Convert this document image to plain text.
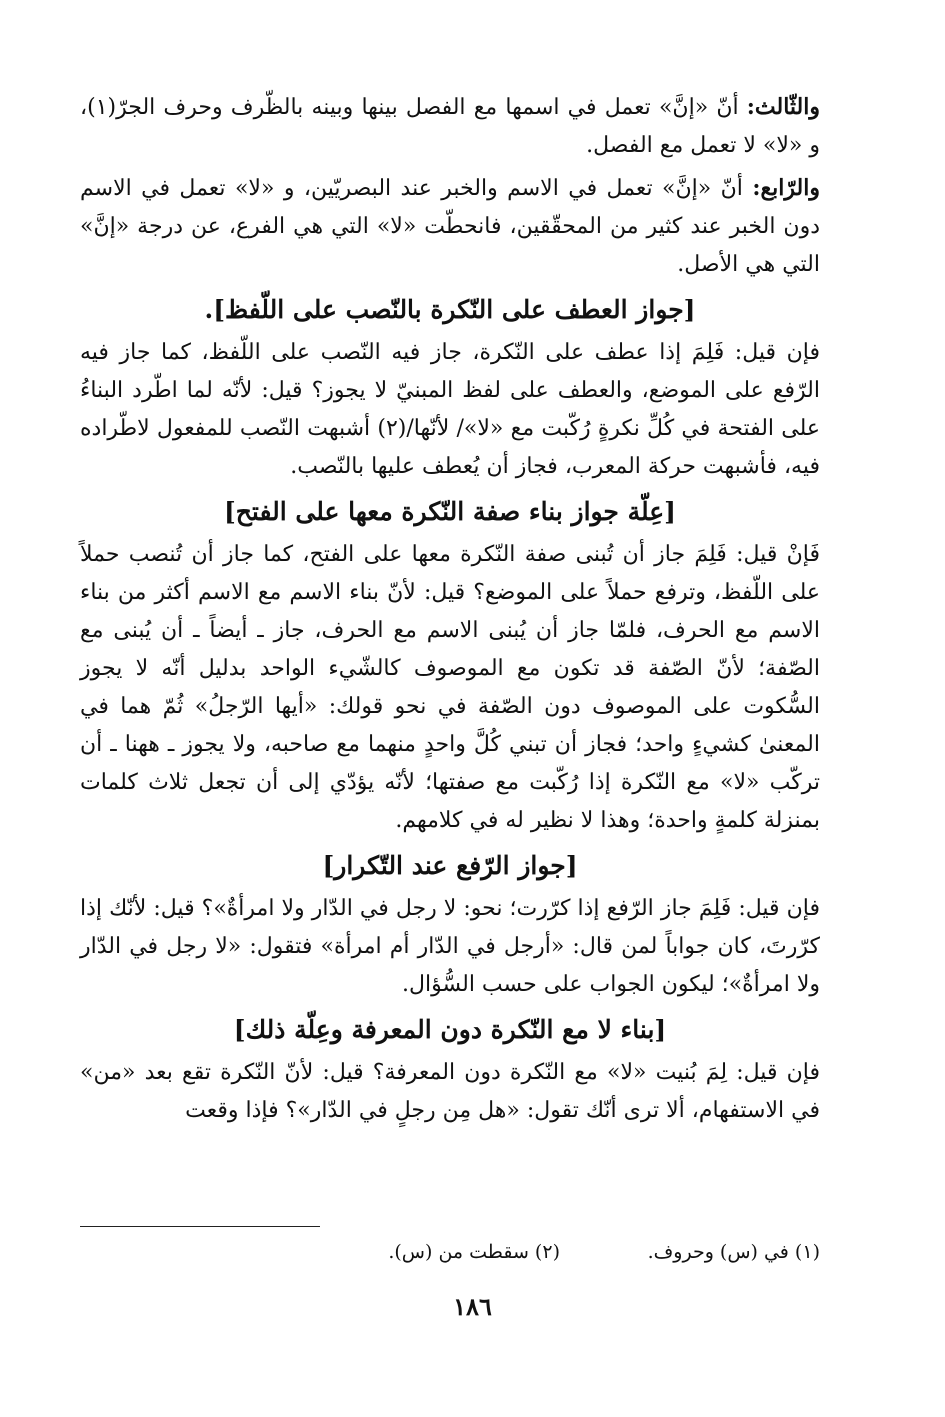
والثّالث: أنّ «إنَّ» تعمل في اسمها مع الفصل بينها وبينه بالظّرف وحرف الجرّ(١)، و «لا» لا تعمل مع الفصل.

والرّابع: أنّ «إنَّ» تعمل في الاسم والخبر عند البصريّين، و «لا» تعمل في الاسم دون الخبر عند كثير من المحقّقين، فانحطّت «لا» التي هي الفرع، عن درجة «إنَّ» التي هي الأصل.

[جواز العطف على النّكرة بالنّصب على اللّفظ].

فإن قيل: فَلِمَ إذا عطف على النّكرة، جاز فيه النّصب على اللّفظ، كما جاز فيه الرّفع على الموضع، والعطف على لفظ المبنيّ لا يجوز؟ قيل: لأنّه لما اطّرد البناءُ على الفتحة في كُلِّ نكرةٍ رُكّبت مع «لا»/ لأنّها/(٢) أشبهت النّصب للمفعول لاطّراده فيه، فأشبهت حركة المعرب، فجاز أن يُعطف عليها بالنّصب.

[عِلّة جواز بناء صفة النّكرة معها على الفتح]

فَإنْ قيل: فَلِمَ جاز أن تُبنى صفة النّكرة معها على الفتح، كما جاز أن تُنصب حملاً على اللّفظ، وترفع حملاً على الموضع؟ قيل: لأنّ بناء الاسم مع الاسم أكثر من بناء الاسم مع الحرف، فلمّا جاز أن يُبنى الاسم مع الحرف، جاز ـ أيضاً ـ أن يُبنى مع الصّفة؛ لأنّ الصّفة قد تكون مع الموصوف كالشّيء الواحد بدليل أنّه لا يجوز السُّكوت على الموصوف دون الصّفة في نحو قولك: «أيها الرّجلُ» ثُمّ هما في المعنىٰ كشيءٍ واحد؛ فجاز أن تبني كُلَّ واحدٍ منهما مع صاحبه، ولا يجوز ـ ههنا ـ أن تركّب «لا» مع النّكرة إذا رُكّبت مع صفتها؛ لأنّه يؤدّي إلى أن تجعل ثلاث كلمات بمنزلة كلمةٍ واحدة؛ وهذا لا نظير له في كلامهم.

[جواز الرّفع عند التّكرار]

فإن قيل: فَلِمَ جاز الرّفع إذا كرّرت؛ نحو: لا رجل في الدّار ولا امرأةٌ»؟ قيل: لأنّك إذا كرّرتَ، كان جواباً لمن قال: «أرجل في الدّار أم امرأة» فتقول: «لا رجل في الدّار ولا امرأةٌ»؛ ليكون الجواب على حسب السُّؤال.

[بناء لا مع النّكرة دون المعرفة وعِلّة ذلك]

فإن قيل: لِمَ بُنيت «لا» مع النّكرة دون المعرفة؟ قيل: لأنّ النّكرة تقع بعد «من» في الاستفهام، ألا ترى أنّك تقول: «هل مِن رجلٍ في الدّار»؟ فإذا وقعت

(١) في (س) وحروف.
(٢) سقطت من (س).
١٨٦
